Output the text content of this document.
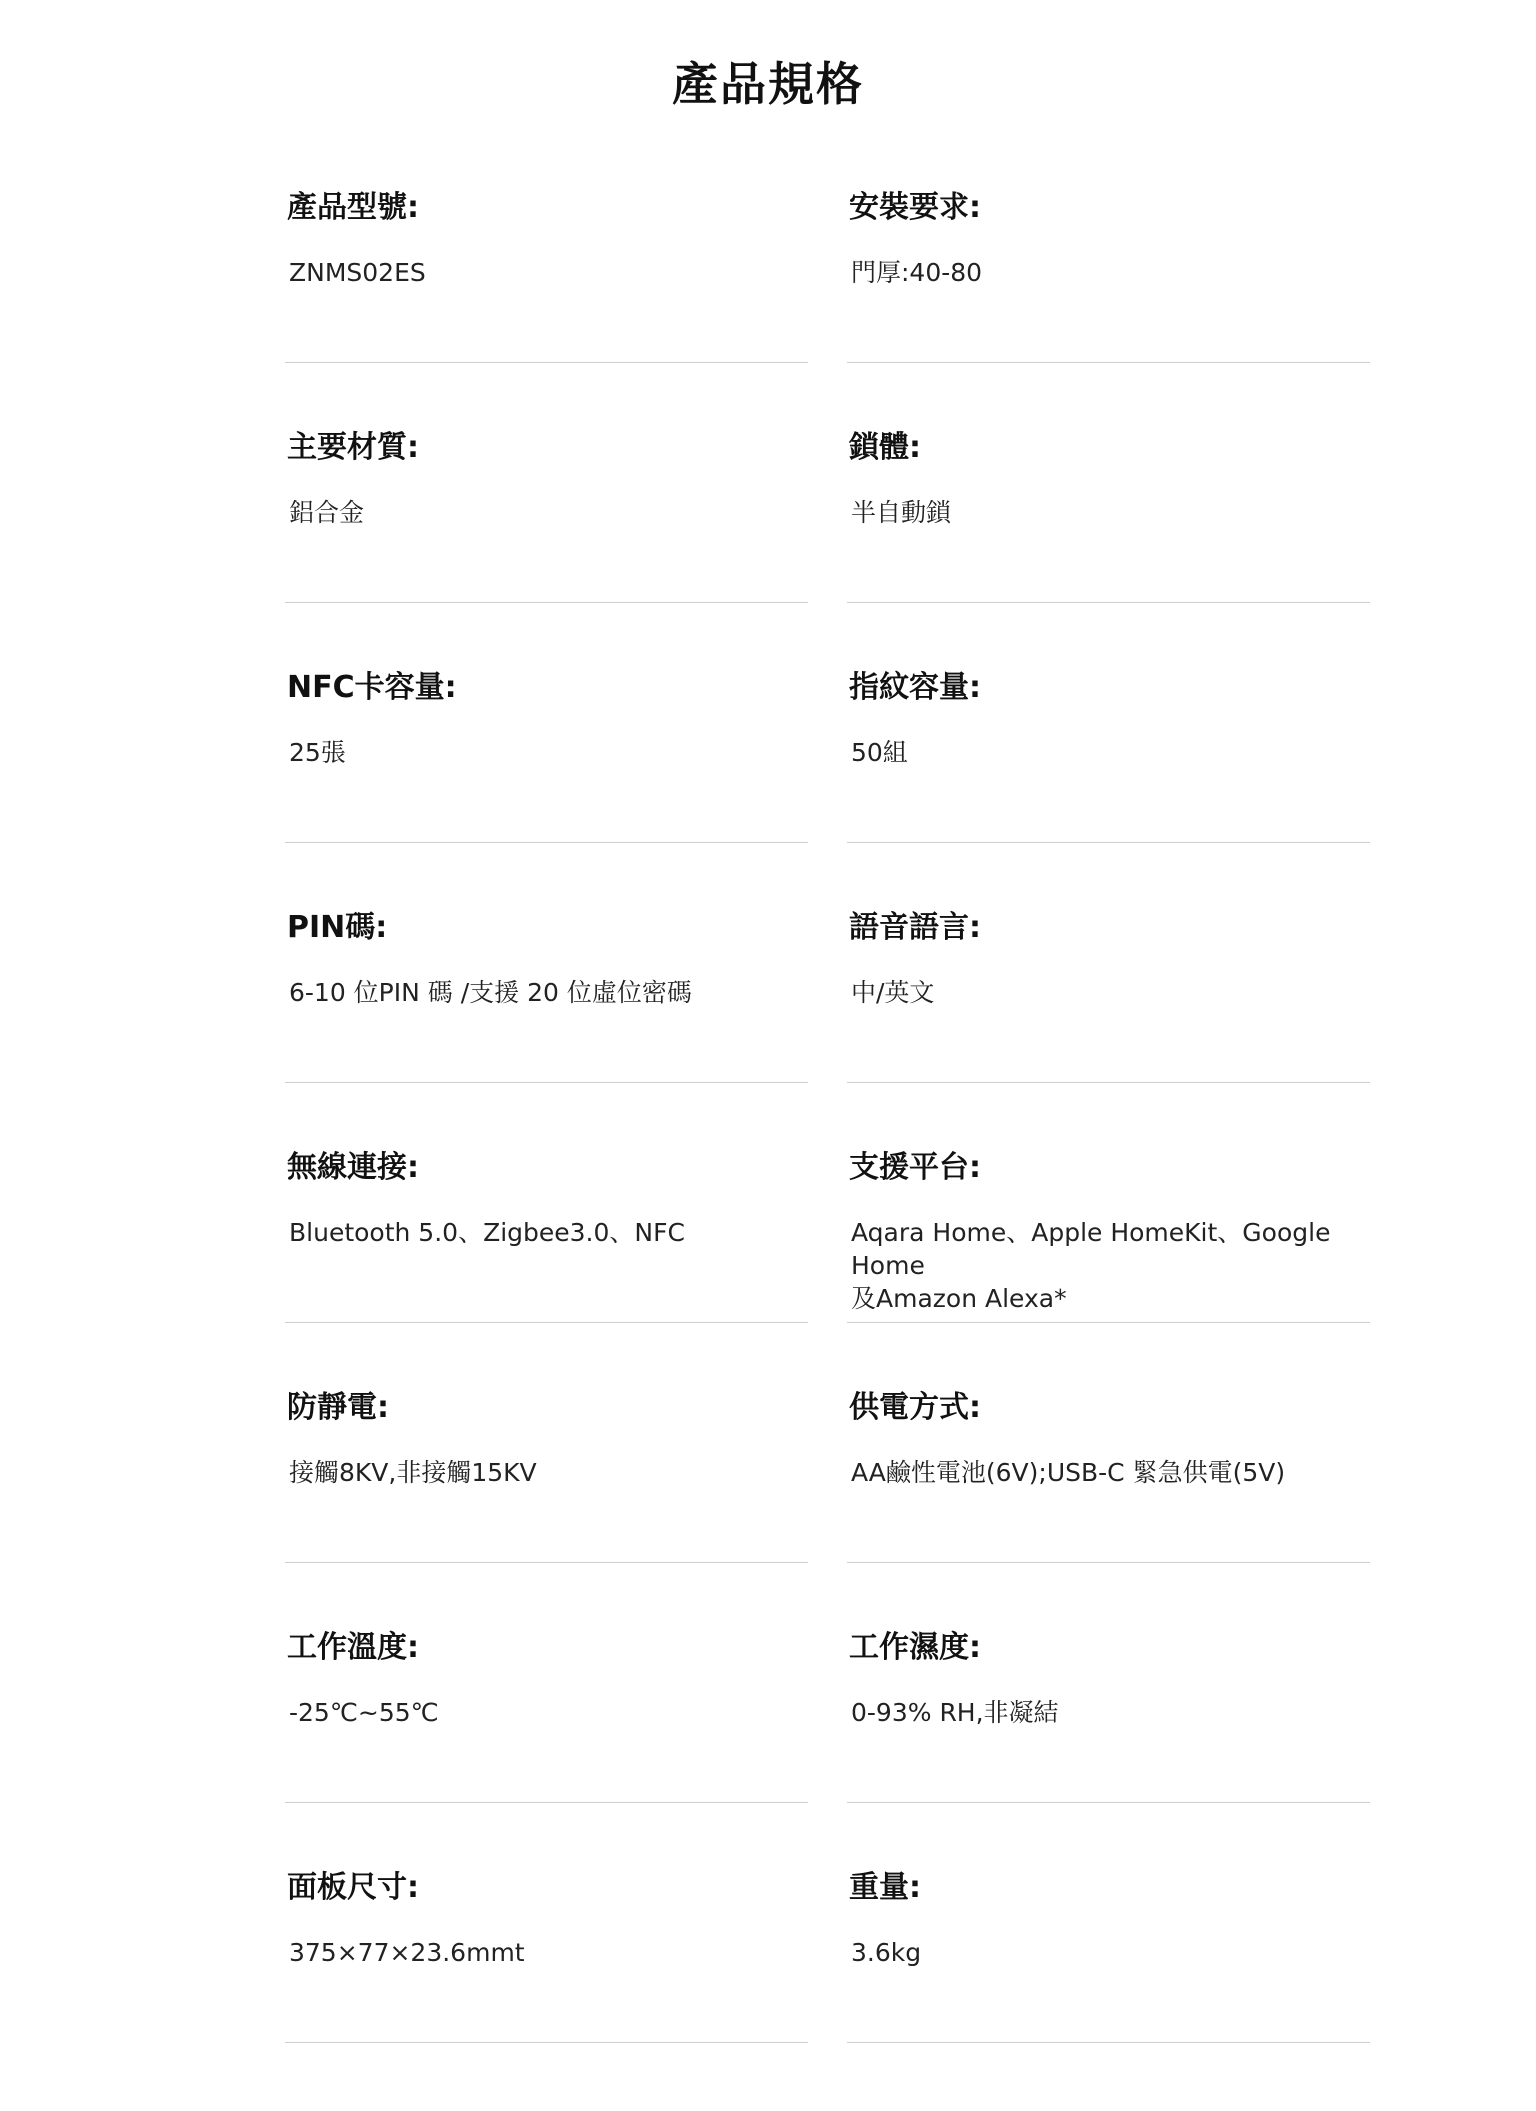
產品規格
產品型號:
ZNMS02ES
安裝要求:
門厚:40-80
主要材質:
鋁合金
鎖體:
半自動鎖
NFC卡容量:
25張
指紋容量:
50組
PIN碼:
6-10 位PIN 碼 /支援 20 位虛位密碼
語音語言:
中/英文
無線連接:
Bluetooth 5.0、Zigbee3.0、NFC
支援平台:
Aqara Home、Apple HomeKit、Google Home
及Amazon Alexa*
防靜電:
接觸8KV,非接觸15KV
供電方式:
AA鹼性電池(6V);USB-C 緊急供電(5V)
工作溫度:
-25℃~55℃
工作濕度:
0-93% RH,非凝結
面板尺寸:
375×77×23.6mmt
重量:
3.6kg
